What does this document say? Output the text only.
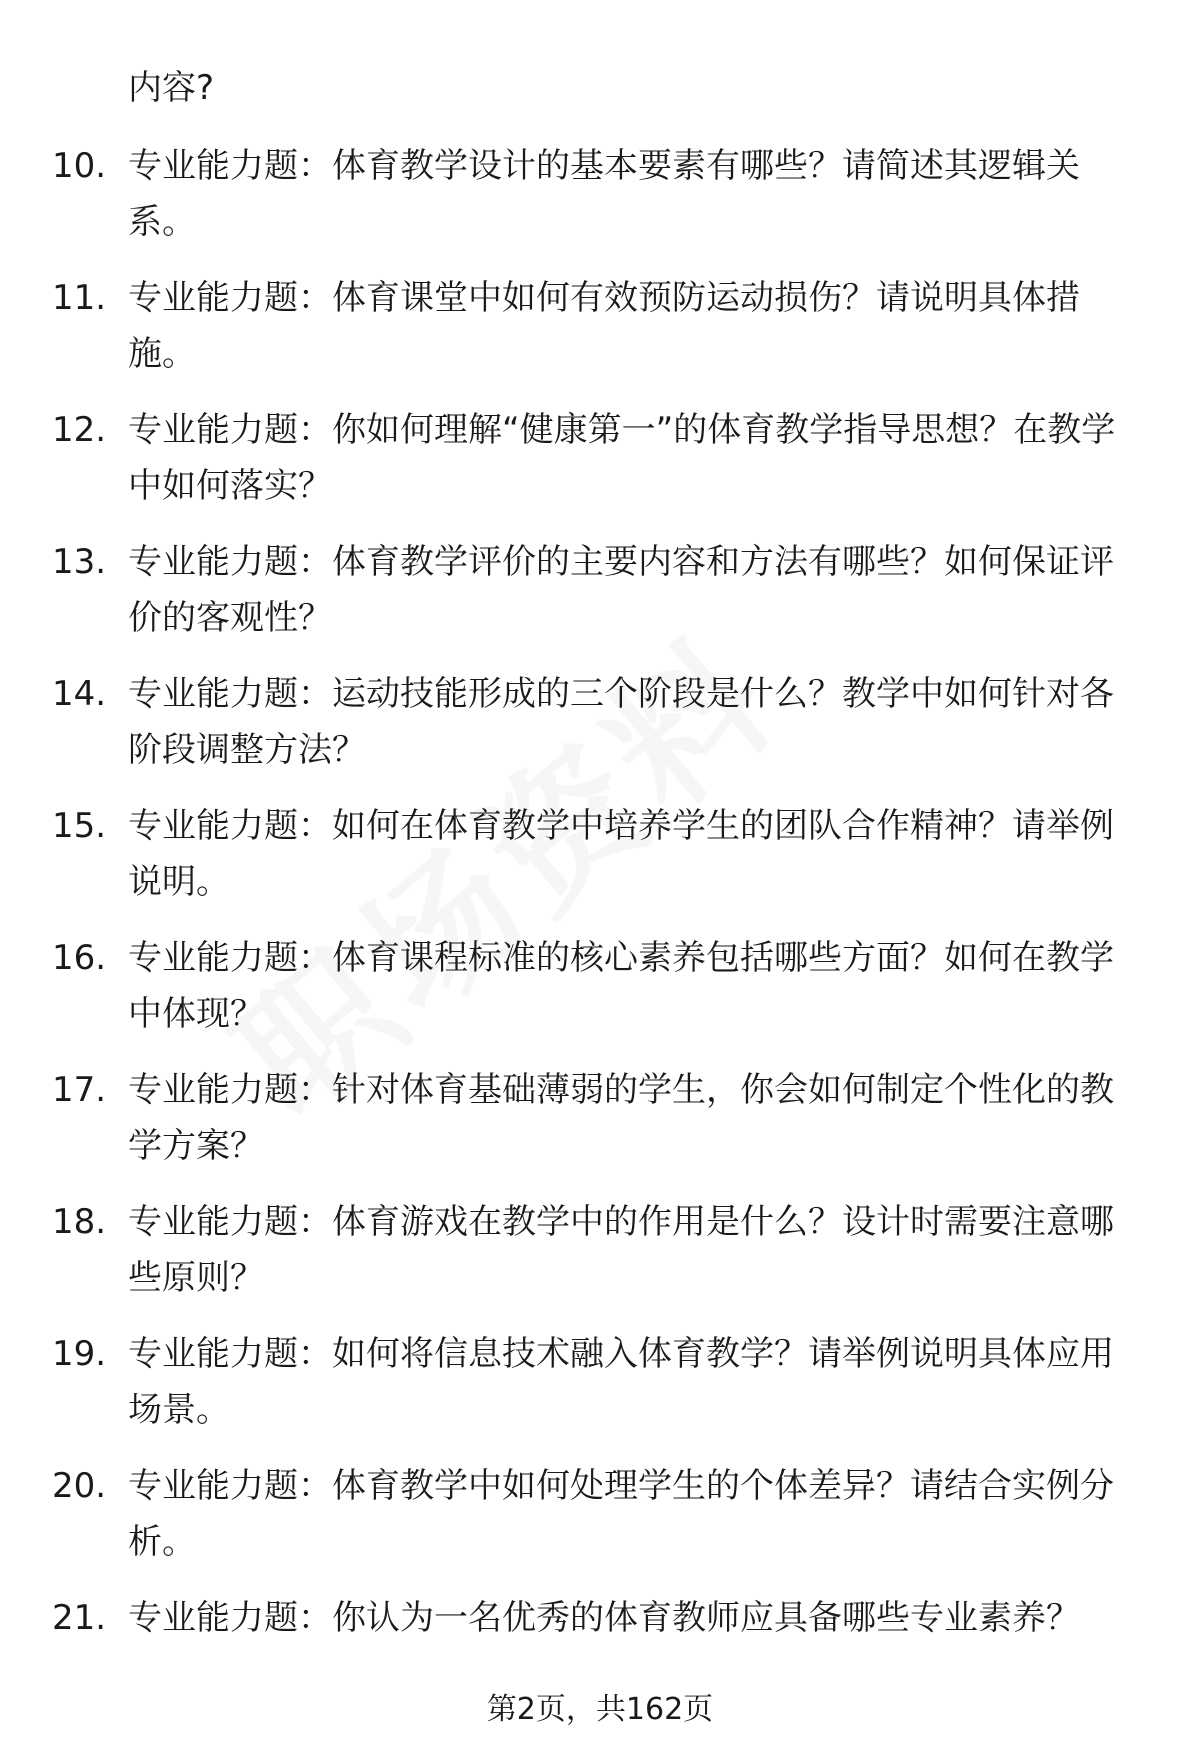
内容?
10. 专业能力题：体育教学设计的基本要素有哪些？请简述其逻辑关系。
11. 专业能力题：体育课堂中如何有效预防运动损伤？请说明具体措施。
12. 专业能力题：你如何理解“健康第一”的体育教学指导思想？在教学中如何落实？
13. 专业能力题：体育教学评价的主要内容和方法有哪些？如何保证评价的客观性？
14. 专业能力题：运动技能形成的三个阶段是什么？教学中如何针对各阶段调整方法？
15. 专业能力题：如何在体育教学中培养学生的团队合作精神？请举例说明。
16. 专业能力题：体育课程标准的核心素养包括哪些方面？如何在教学中体现？
17. 专业能力题：针对体育基础薄弱的学生，你会如何制定个性化的教学方案？
18. 专业能力题：体育游戏在教学中的作用是什么？设计时需要注意哪些原则？
19. 专业能力题：如何将信息技术融入体育教学？请举例说明具体应用场景。
20. 专业能力题：体育教学中如何处理学生的个体差异？请结合实例分析。
21. 专业能力题：你认为一名优秀的体育教师应具备哪些专业素养？
第2页，共162页
